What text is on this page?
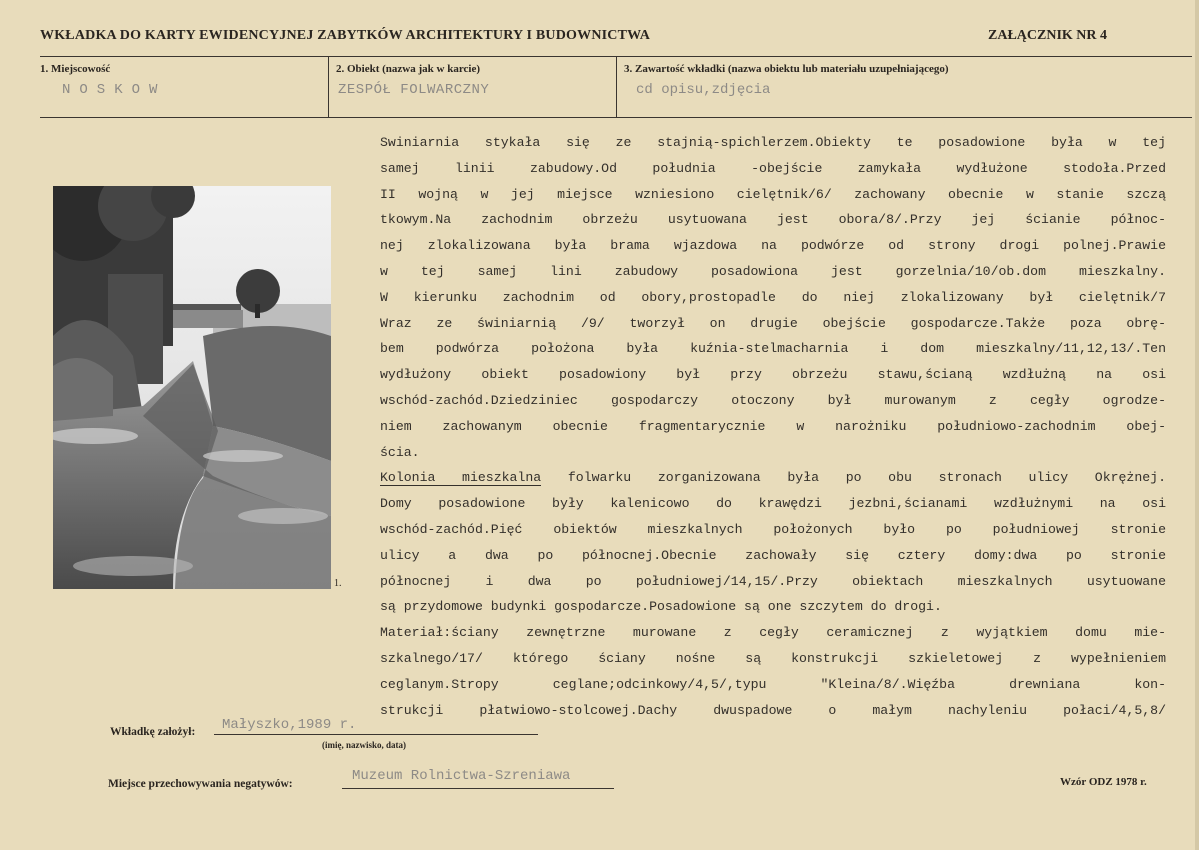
WKŁADKA DO KARTY EWIDENCYJNEJ ZABYTKÓW ARCHITEKTURY I BUDOWNICTWA	ZAŁĄCZNIK NR 4
1. Miejscowość
NOSKOW
2. Obiekt (nazwa jak w karcie)
ZESPÓŁ FOLWARCZNY
3. Zawartość wkładki (nazwa obiektu lub materiału uzupełniającego)
cd opisu,zdjęcia
1.
Swiniarnia stykała się ze stajnią-spichlerzem.Obiekty te posadowione była w tej
samej linii zabudowy.Od południa -obejście zamykała wydłużone stodoła.Przed
II wojną w jej miejsce wzniesiono cielętnik/6/ zachowany obecnie w stanie szczą
tkowym.Na zachodnim obrzeżu usytuowana jest obora/8/.Przy jej ścianie północ-
nej zlokalizowana była brama wjazdowa na podwórze od strony drogi polnej.Prawie
w tej samej lini zabudowy posadowiona jest gorzelnia/10/ob.dom mieszkalny.
W kierunku zachodnim od obory,prostopadle do niej zlokalizowany był cielętnik/7
Wraz ze świniarnią /9/ tworzył on drugie obejście gospodarcze.Także poza obrę-
bem podwórza położona była kuźnia-stelmacharnia i dom mieszkalny/11,12,13/.Ten
wydłużony obiekt posadowiony był przy obrzeżu stawu,ścianą wzdłużną na osi
wschód-zachód.Dziedziniec gospodarczy otoczony był murowanym z cegły ogrodze-
niem zachowanym obecnie fragmentarycznie w narożniku południowo-zachodnim obej-
ścia.
Kolonia mieszkalna folwarku zorganizowana była po obu stronach ulicy Okrężnej.
Domy posadowione były kalenicowo do krawędzi jezbni,ścianami wzdłużnymi na osi
wschód-zachód.Pięć obiektów mieszkalnych położonych było po południowej stronie
ulicy a dwa po północnej.Obecnie zachowały się cztery domy:dwa po stronie
północnej i dwa po południowej/14,15/.Przy obiektach mieszkalnych usytuowane
są przydomowe budynki gospodarcze.Posadowione są one szczytem do drogi.
Materiał:ściany zewnętrzne murowane z cegły ceramicznej z wyjątkiem domu mie-
szkalnego/17/ którego ściany nośne są konstrukcji szkieletowej z wypełnieniem
ceglanym.Stropy ceglane;odcinkowy/4,5/,typu "Kleina/8/.Więźba drewniana kon-
strukcji płatwiowo-stolcowej.Dachy dwuspadowe o małym nachyleniu połaci/4,5,8/
Wkładkę założył: Małyszko,1989 r.
(imię, nazwisko, data)
Miejsce przechowywania negatywów:	Muzeum Rolnictwa-Szreniawa	Wzór ODZ 1978 r.
